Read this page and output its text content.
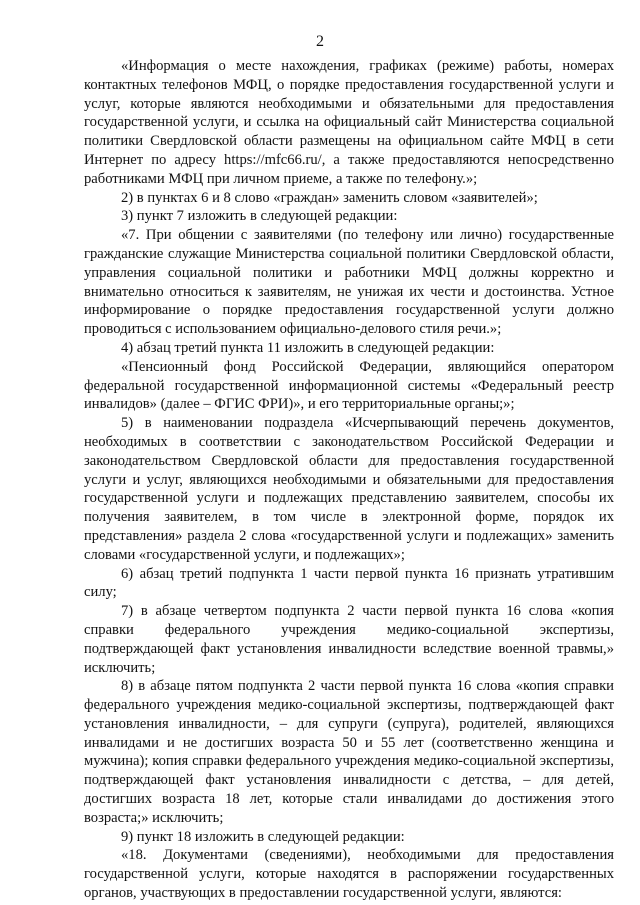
2

«Информация о месте нахождения, графиках (режиме) работы, номерах контактных телефонов МФЦ, о порядке предоставления государственной услуги и услуг, которые являются необходимыми и обязательными для предоставления государственной услуги, и ссылка на официальный сайт Министерства социальной политики Свердловской области размещены на официальном сайте МФЦ в сети Интернет по адресу https://mfc66.ru/, а также предоставляются непосредственно работниками МФЦ при личном приеме, а также по телефону.»;

2) в пунктах 6 и 8 слово «граждан» заменить словом «заявителей»;

3) пункт 7 изложить в следующей редакции:

«7. При общении с заявителями (по телефону или лично) государственные гражданские служащие Министерства социальной политики Свердловской области, управления социальной политики и работники МФЦ должны корректно и внимательно относиться к заявителям, не унижая их чести и достоинства. Устное информирование о порядке предоставления государственной услуги должно проводиться с использованием официально-делового стиля речи.»;

4) абзац третий пункта 11 изложить в следующей редакции:

«Пенсионный фонд Российской Федерации, являющийся оператором федеральной государственной информационной системы «Федеральный реестр инвалидов» (далее – ФГИС ФРИ)», и его территориальные органы;»;

5) в наименовании подраздела «Исчерпывающий перечень документов, необходимых в соответствии с законодательством Российской Федерации и законодательством Свердловской области для предоставления государственной услуги и услуг, являющихся необходимыми и обязательными для предоставления государственной услуги и подлежащих представлению заявителем, способы их получения заявителем, в том числе в электронной форме, порядок их представления» раздела 2 слова «государственной услуги и подлежащих» заменить словами «государственной услуги, и подлежащих»;

6) абзац третий подпункта 1 части первой пункта 16 признать утратившим силу;

7) в абзаце четвертом подпункта 2 части первой пункта 16 слова «копия справки федерального учреждения медико-социальной экспертизы, подтверждающей факт установления инвалидности вследствие военной травмы,» исключить;

8) в абзаце пятом подпункта 2 части первой пункта 16 слова «копия справки федерального учреждения медико-социальной экспертизы, подтверждающей факт установления инвалидности, – для супруги (супруга), родителей, являющихся инвалидами и не достигших возраста 50 и 55 лет (соответственно женщина и мужчина); копия справки федерального учреждения медико-социальной экспертизы, подтверждающей факт установления инвалидности с детства, – для детей, достигших возраста 18 лет, которые стали инвалидами до достижения этого возраста;» исключить;

9) пункт 18 изложить в следующей редакции:

«18. Документами (сведениями), необходимыми для предоставления государственной услуги, которые находятся в распоряжении государственных органов, участвующих в предоставлении государственной услуги, являются:
